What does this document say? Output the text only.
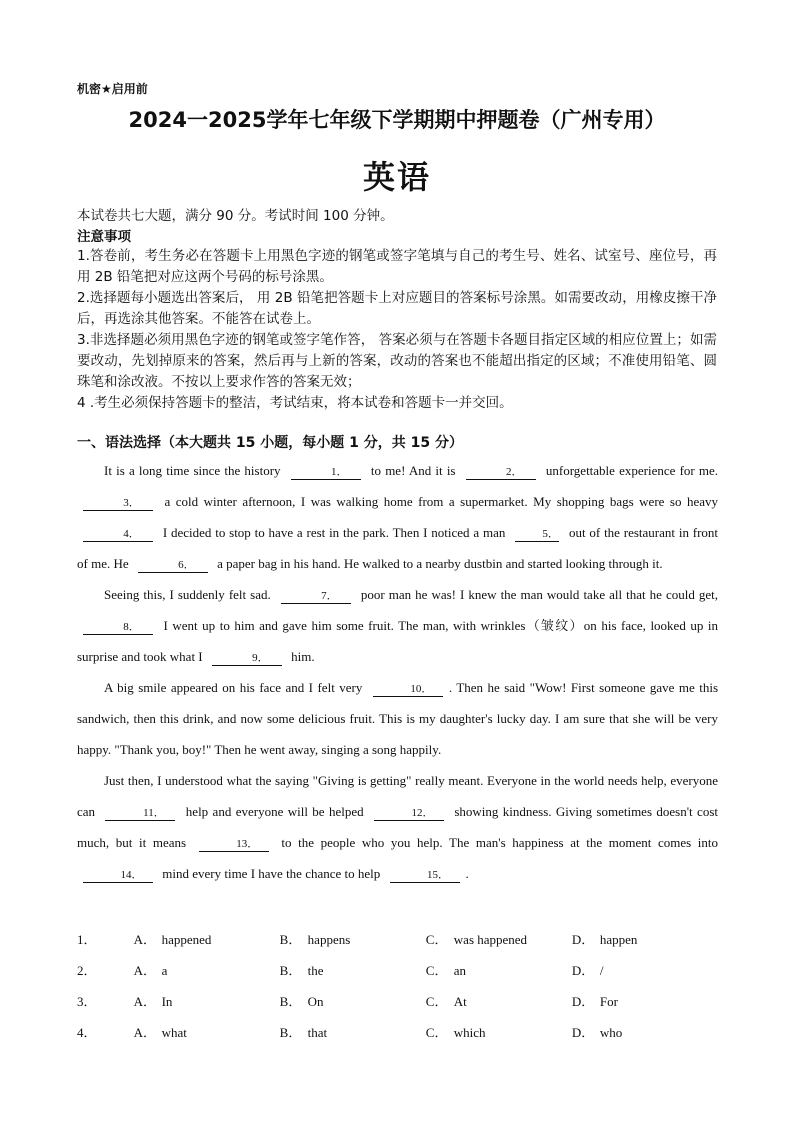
机密★启用前
2024一2025学年七年级下学期期中押题卷（广州专用）
英语
本试卷共七大题，满分 90 分。考试时间 100 分钟。
注意事项

1.答卷前，考生务必在答题卡上用黑色字迹的钢笔或签字笔填与自己的考生号、姓名、试室号、座位号，再用 2B 铅笔把对应这两个号码的标号涂黑。

2.选择题每小题选出答案后， 用 2B 铅笔把答题卡上对应题目的答案标号涂黑。如需要改动，用橡皮擦干净后，再选涂其他答案。不能答在试卷上。

3.非选择题必须用黑色字迹的钢笔或签字笔作答， 答案必须与在答题卡各题目指定区域的相应位置上；如需要改动，先划掉原来的答案，然后再与上新的答案，改动的答案也不能超出指定的区域；不准使用铅笔、圆珠笔和涂改液。不按以上要求作答的答案无效；

4 .考生必须保持答题卡的整洁，考试结束，将本试卷和答题卡一并交回。

一、语法选择（本大题共 15 小题，每小题 1 分，共 15 分）

It is a long time since the history	1． to me! And it is	2． unforgettable experience for me. 3． a cold winter afternoon, I was walking home from a supermarket. My shopping bags were so heavy 4． I decided to stop to have a rest in the park. Then I noticed a man	5． out of the restaurant in front of me. He	6． a paper bag in his hand. He walked to a nearby dustbin and started looking through it.

Seeing this, I suddenly felt sad.	7． poor man he was! I knew the man would take all that he could get, 8． I went up to him and gave him some fruit. The man, with wrinkles（皱纹）on his face, looked up in surprise and took what I	9． him.

A big smile appeared on his face and I felt very	10． . Then he said "Wow! First someone gave me this sandwich, then this drink, and now some delicious fruit. This is my daughter's lucky day. I am sure that she will be very happy. "Thank you, boy!" Then he went away, singing a song happily.

Just then, I understood what the saying "Giving is getting" really meant. Everyone in the world needs help, everyone can	11． help and everyone will be helped	12． showing kindness. Giving sometimes doesn't cost much, but it means	13． to the people who you help. The man's happiness at the moment comes into 14． mind every time I have the chance to help	15． .

1．	A． happened	B． happens	C． was happened	D． happen
2．	A． a	B． the	C． an	D． /
3．	A． In	B． On	C． At	D． For
4．	A． what	B． that	C． which	D． who
